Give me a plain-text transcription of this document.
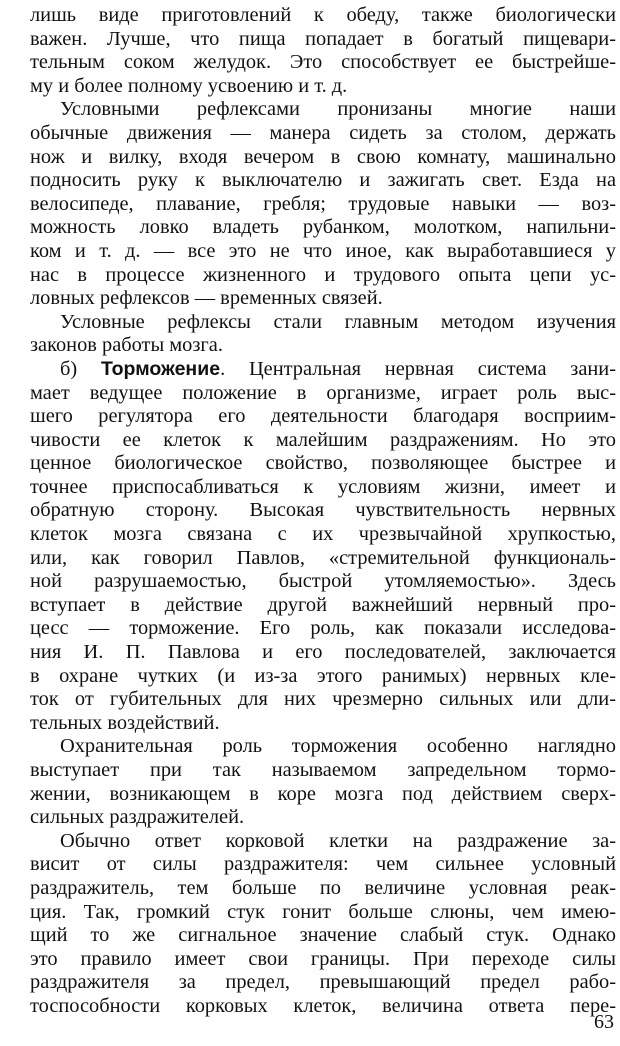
лишь виде приготовлений к обеду, также биологически
важен. Лучше, что пища попадает в богатый пищевари-
тельным соком желудок. Это способствует ее быстрейше-
му и более полному усвоению и т. д.
Условными рефлексами пронизаны многие наши
обычные движения — манера сидеть за столом, держать
нож и вилку, входя вечером в свою комнату, машинально
подносить руку к выключателю и зажигать свет. Езда на
велосипеде, плавание, гребля; трудовые навыки — воз-
можность ловко владеть рубанком, молотком, напильни-
ком и т. д. — все это не что иное, как выработавшиеся у
нас в процессе жизненного и трудового опыта цепи ус-
ловных рефлексов — временных связей.
Условные рефлексы стали главным методом изучения
законов работы мозга.
б) Торможение. Центральная нервная система зани-
мает ведущее положение в организме, играет роль выс-
шего регулятора его деятельности благодаря восприим-
чивости ее клеток к малейшим раздражениям. Но это
ценное биологическое свойство, позволяющее быстрее и
точнее приспосабливаться к условиям жизни, имеет и
обратную сторону. Высокая чувствительность нервных
клеток мозга связана с их чрезвычайной хрупкостью,
или, как говорил Павлов, «стремительной функциональ-
ной разрушаемостью, быстрой утомляемостью». Здесь
вступает в действие другой важнейший нервный про-
цесс — торможение. Его роль, как показали исследова-
ния И. П. Павлова и его последователей, заключается
в охране чутких (и из-за этого ранимых) нервных кле-
ток от губительных для них чрезмерно сильных или дли-
тельных воздействий.
Охранительная роль торможения особенно наглядно
выступает при так называемом запредельном тормо-
жении, возникающем в коре мозга под действием сверх-
сильных раздражителей.
Обычно ответ корковой клетки на раздражение за-
висит от силы раздражителя: чем сильнее условный
раздражитель, тем больше по величине условная реак-
ция. Так, громкий стук гонит больше слюны, чем имею-
щий то же сигнальное значение слабый стук. Однако
это правило имеет свои границы. При переходе силы
раздражителя за предел, превышающий предел рабо-
тоспособности корковых клеток, величина ответа пере-
63
